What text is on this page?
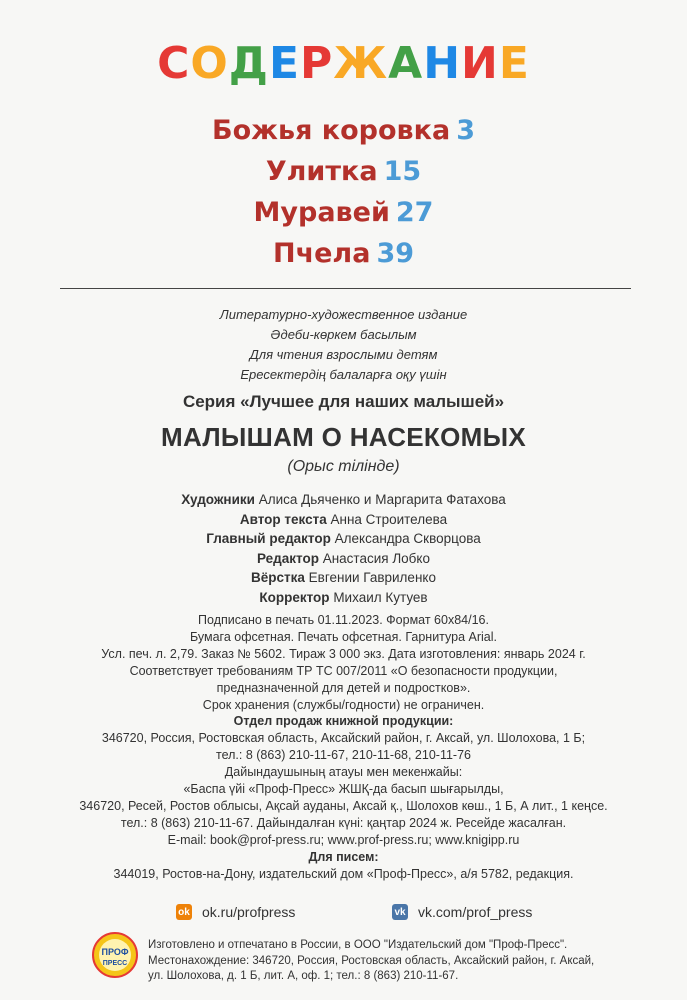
СОДЕРЖАНИЕ
Божья коровка 3
Улитка 15
Муравей 27
Пчела 39
Литературно-художественное издание
Әдеби-көркем басылым
Для чтения взрослыми детям
Ересектердің балаларға оқу үшін
Серия «Лучшее для наших малышей»
МАЛЫШАМ О НАСЕКОМЫХ
(Орыс тілінде)
Художники Алиса Дьяченко и Маргарита Фатахова
Автор текста Анна Строителева
Главный редактор Александра Скворцова
Редактор Анастасия Лобко
Вёрстка Евгении Гавриленко
Корректор Михаил Кутуев
Подписано в печать 01.11.2023. Формат 60x84/16.
Бумага офсетная. Печать офсетная. Гарнитура Arial.
Усл. печ. л. 2,79. Заказ № 5602. Тираж 3 000 экз. Дата изготовления: январь 2024 г.
Соответствует требованиям ТР ТС 007/2011 «О безопасности продукции,
предназначенной для детей и подростков».
Срок хранения (службы/годности) не ограничен.
Отдел продаж книжной продукции:
346720, Россия, Ростовская область, Аксайский район, г. Аксай, ул. Шолохова, 1 Б;
тел.: 8 (863) 210-11-67, 210-11-68, 210-11-76
Дайындаушының атауы мен мекенжайы:
«Баспа үйі «Проф-Пресс» ЖШҚ-да басып шығарылды,
346720, Ресей, Ростов облысы, Ақсай ауданы, Аксай қ., Шолохов көш., 1 Б, А лит., 1 кеңсе.
тел.: 8 (863) 210-11-67. Дайындалған күні: қаңтар 2024 ж. Ресейде жасалған.
E-mail: book@prof-press.ru; www.prof-press.ru; www.knigipp.ru
Для писем:
344019, Ростов-на-Дону, издательский дом «Проф-Пресс», а/я 5782, редакция.
ok ok.ru/profpress	vk vk.com/prof_press
ПРОФ
ПРЕСС
Изготовлено и отпечатано в России, в ООО "Издательский дом "Проф-Пресс".
Местонахождение: 346720, Россия, Ростовская область, Аксайский район, г. Аксай,
ул. Шолохова, д. 1 Б, лит. А, оф. 1; тел.: 8 (863) 210-11-67.
